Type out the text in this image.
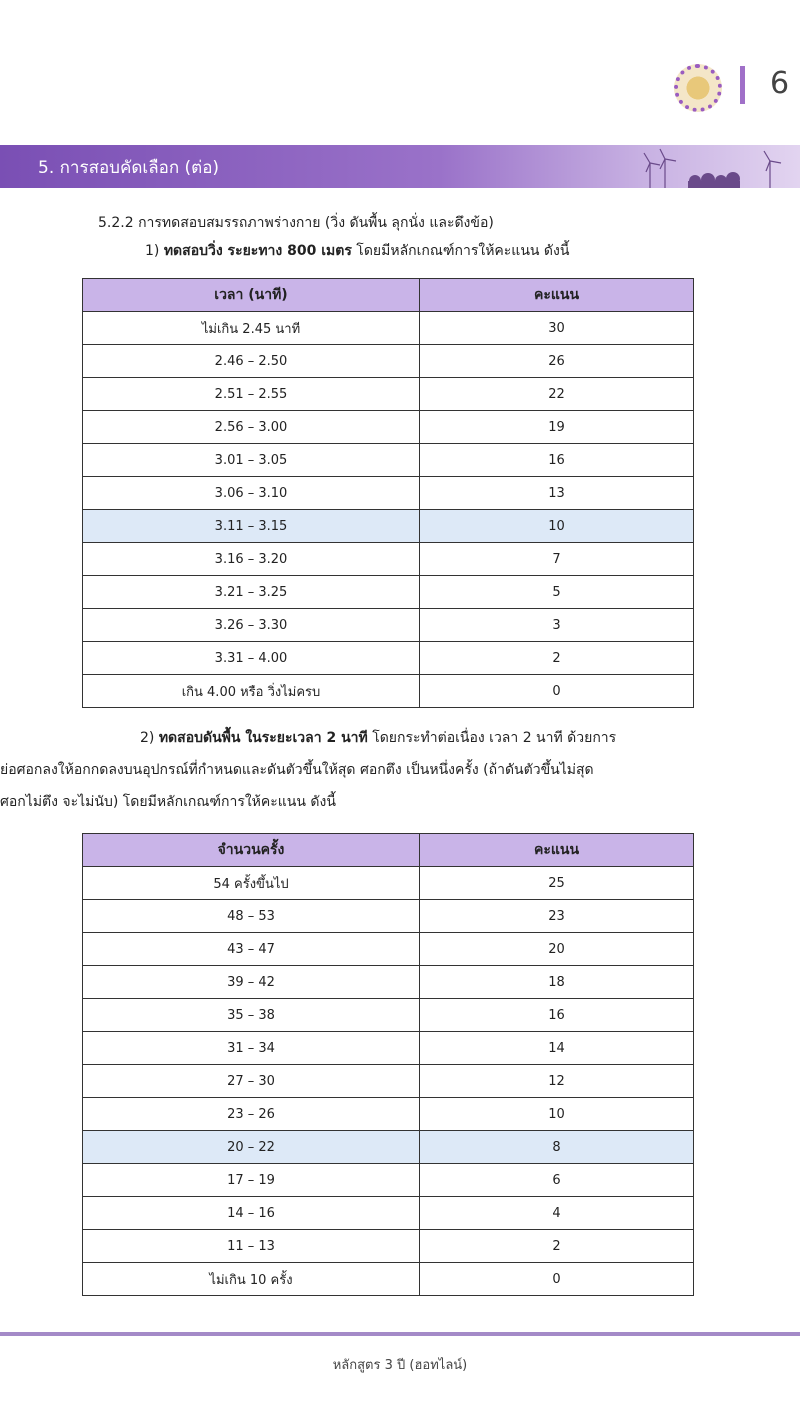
6
5. การสอบคัดเลือก (ต่อ)
5.2.2 การทดสอบสมรรถภาพร่างกาย (วิ่ง ดันพื้น ลุกนั่ง และดึงข้อ)
1) ทดสอบวิ่ง ระยะทาง 800 เมตร โดยมีหลักเกณฑ์การให้คะแนน ดังนี้
เวลา (นาที)	คะแนน
ไม่เกิน 2.45 นาที	30
2.46 – 2.50	26
2.51 – 2.55	22
2.56 – 3.00	19
3.01 – 3.05	16
3.06 – 3.10	13
3.11 – 3.15	10
3.16 – 3.20	7
3.21 – 3.25	5
3.26 – 3.30	3
3.31 – 4.00	2
เกิน 4.00 หรือ วิ่งไม่ครบ	0
2) ทดสอบดันพื้น ในระยะเวลา 2 นาที โดยกระทำต่อเนื่อง เวลา 2 นาที ด้วยการ
ย่อศอกลงให้อกกดลงบนอุปกรณ์ที่กำหนดและดันตัวขึ้นให้สุด ศอกตึง เป็นหนึ่งครั้ง (ถ้าดันตัวขึ้นไม่สุด
ศอกไม่ตึง จะไม่นับ) โดยมีหลักเกณฑ์การให้คะแนน ดังนี้
จำนวนครั้ง	คะแนน
54 ครั้งขึ้นไป	25
48 – 53	23
43 – 47	20
39 – 42	18
35 – 38	16
31 – 34	14
27 – 30	12
23 – 26	10
20 – 22	8
17 – 19	6
14 – 16	4
11 – 13	2
ไม่เกิน 10 ครั้ง	0
หลักสูตร 3 ปี (ฮอทไลน์)
